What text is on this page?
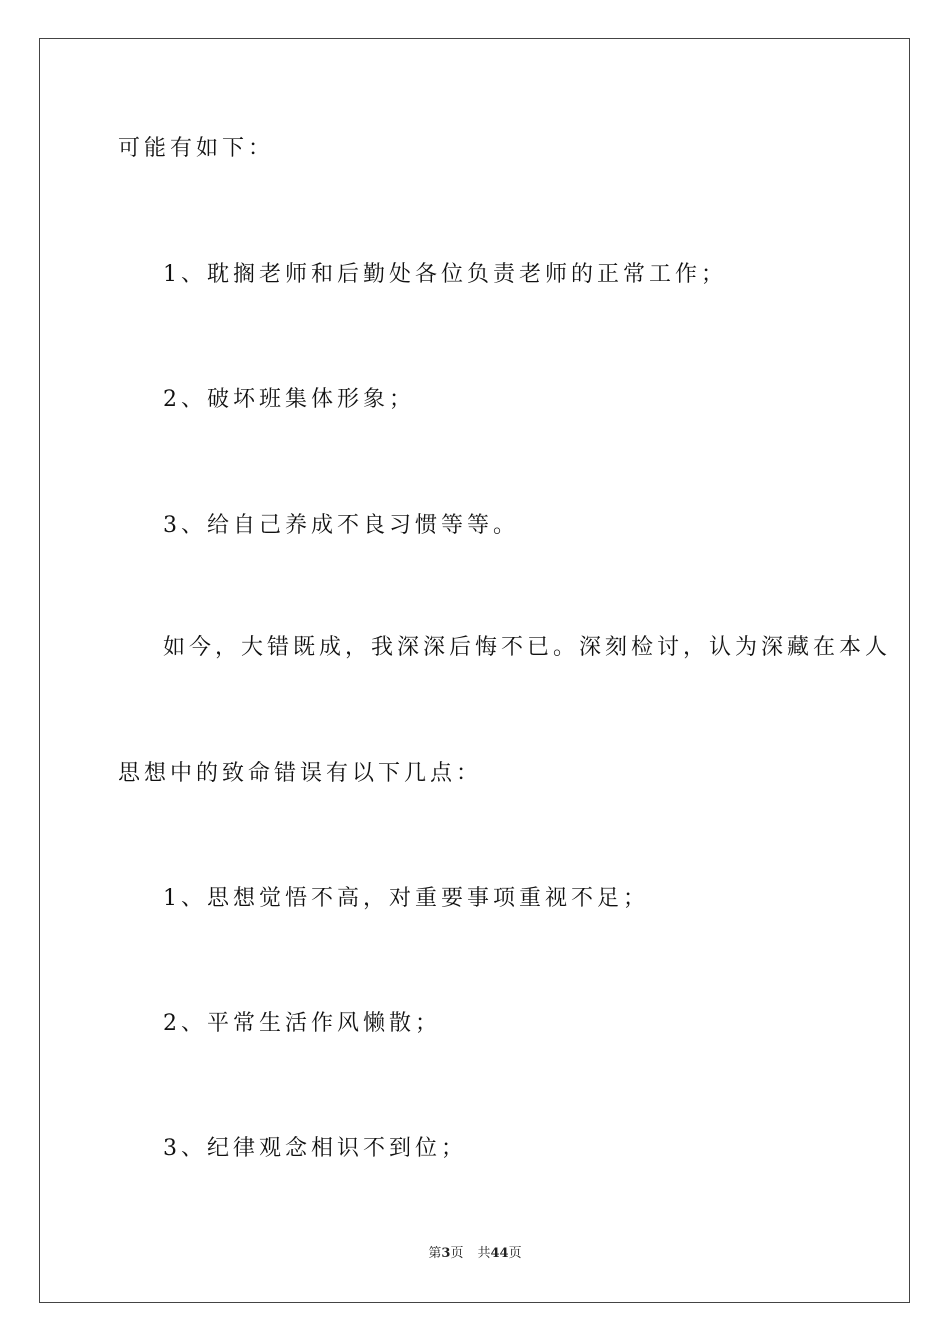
可能有如下：

1、耽搁老师和后勤处各位负责老师的正常工作；

2、破坏班集体形象；

3、给自己养成不良习惯等等。

如今，大错既成，我深深后悔不已。深刻检讨，认为深藏在本人

思想中的致命错误有以下几点：

1、思想觉悟不高，对重要事项重视不足；

2、平常生活作风懒散；

3、纪律观念相识不到位；

第3页 共44页
